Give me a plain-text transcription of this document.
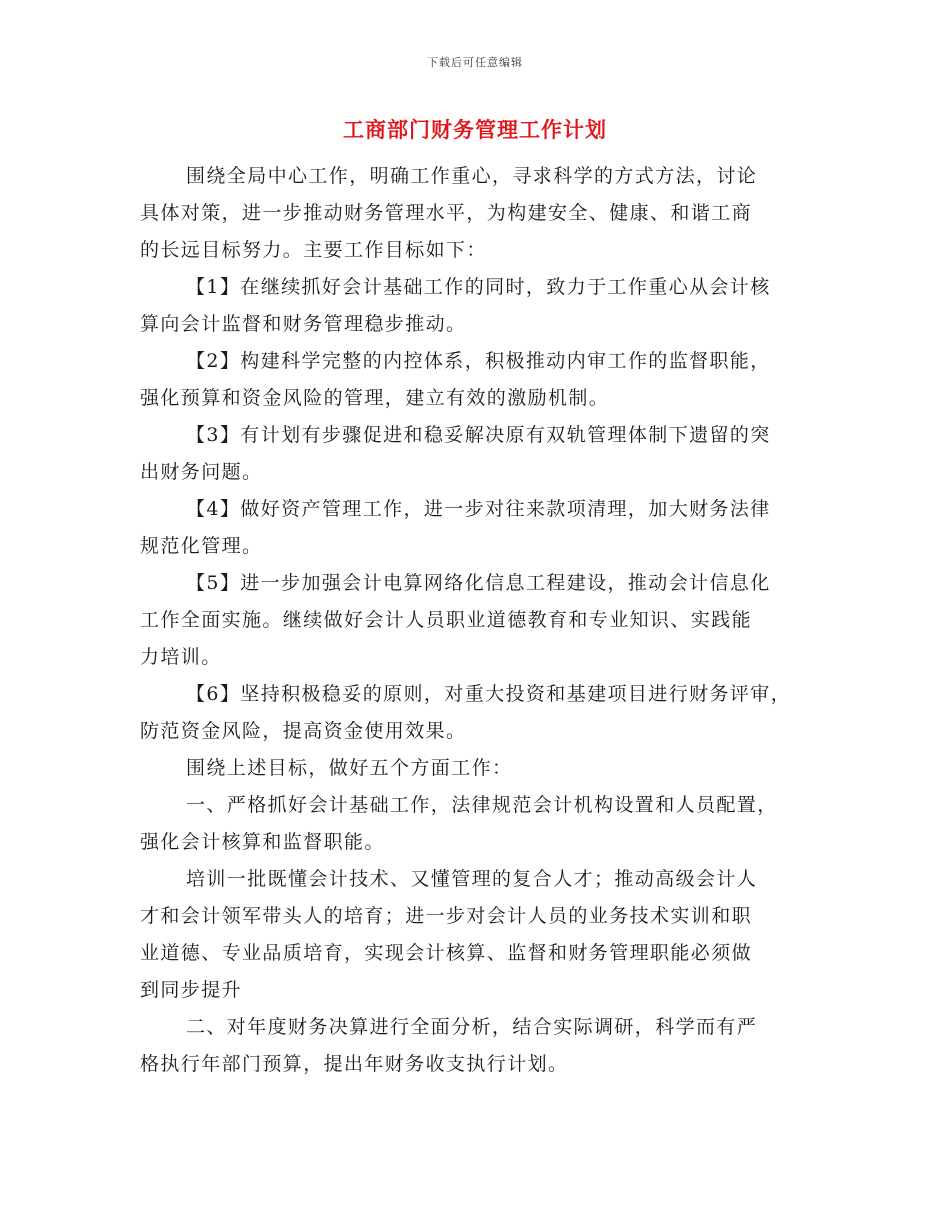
下载后可任意编辑
工商部门财务管理工作计划
围绕全局中心工作，明确工作重心，寻求科学的方式方法，讨论
具体对策，进一步推动财务管理水平，为构建安全、健康、和谐工商
的长远目标努力。主要工作目标如下：
【1】在继续抓好会计基础工作的同时，致力于工作重心从会计核
算向会计监督和财务管理稳步推动。
【2】构建科学完整的内控体系，积极推动内审工作的监督职能，
强化预算和资金风险的管理，建立有效的激励机制。
【3】有计划有步骤促进和稳妥解决原有双轨管理体制下遗留的突
出财务问题。
【4】做好资产管理工作，进一步对往来款项清理，加大财务法律
规范化管理。
【5】进一步加强会计电算网络化信息工程建设，推动会计信息化
工作全面实施。继续做好会计人员职业道德教育和专业知识、实践能
力培训。
【6】坚持积极稳妥的原则，对重大投资和基建项目进行财务评审，
防范资金风险，提高资金使用效果。
围绕上述目标，做好五个方面工作：
一、严格抓好会计基础工作，法律规范会计机构设置和人员配置，
强化会计核算和监督职能。
培训一批既懂会计技术、又懂管理的复合人才；推动高级会计人
才和会计领军带头人的培育；进一步对会计人员的业务技术实训和职
业道德、专业品质培育，实现会计核算、监督和财务管理职能必须做
到同步提升
二、对年度财务决算进行全面分析，结合实际调研，科学而有严
格执行年部门预算，提出年财务收支执行计划。
